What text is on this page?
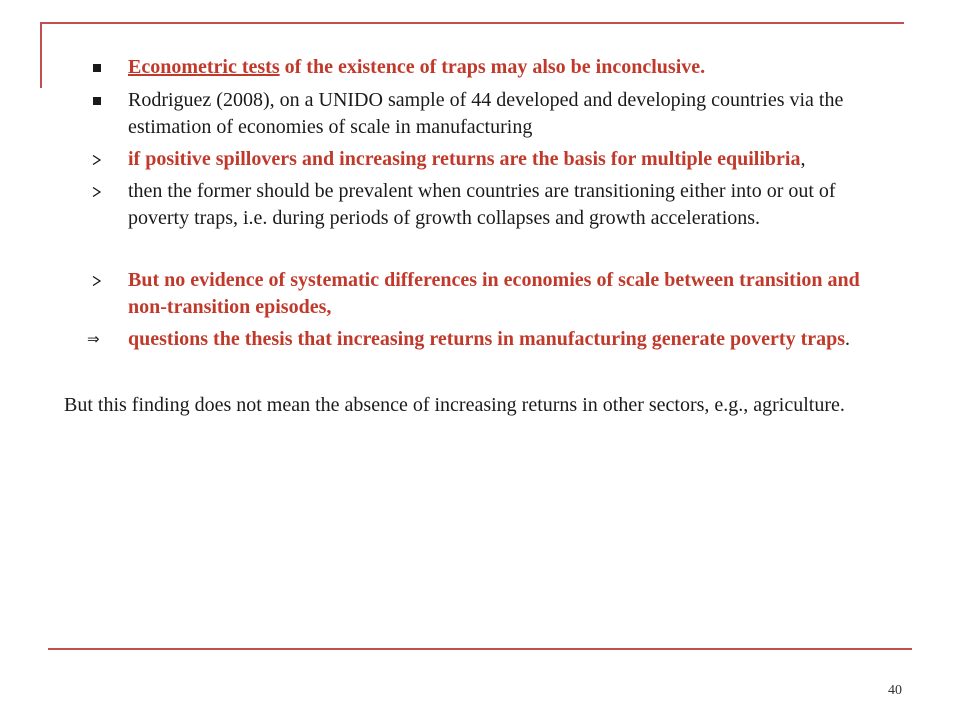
Econometric tests of the existence of traps may also be inconclusive.
Rodriguez (2008), on a UNIDO sample of 44 developed and developing countries via the estimation of economies of scale in manufacturing
if positive spillovers and increasing returns are the basis for multiple equilibria,
then the former should be prevalent when countries are transitioning either into or out of poverty traps, i.e. during periods of growth collapses and growth accelerations.
But no evidence of systematic differences in economies of scale between transition and non-transition episodes,
⇒	questions the thesis that increasing returns in manufacturing generate poverty traps.
But this finding does not mean the absence of increasing returns in other sectors, e.g., agriculture.
40
